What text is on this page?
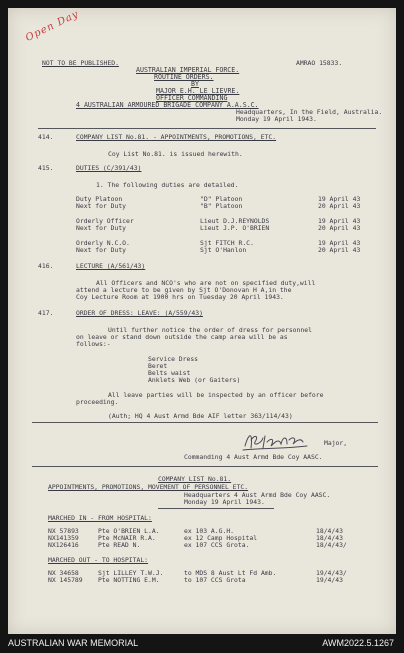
Open Day
NOT TO BE PUBLISHED.	AMRAO 15833.
AUSTRALIAN IMPERIAL FORCE.
ROUTINE ORDERS.
BY
MAJOR E.H. LE LIEVRE.
OFFICER COMMANDING
4 AUSTRALIAN ARMOURED BRIGADE COMPANY A.A.S.C.
Headquarters, In the Field, Australia.
Monday 19 April 1943.
414.	COMPANY LIST No.81. - APPOINTMENTS, PROMOTIONS, ETC.
Coy List No.81. is issued herewith.
415.	DUTIES (C/391/43)
1. The following duties are detailed.
Duty Platoon	"D" Platoon	19 April 43
Next for Duty	"B" Platoon	20 April 43
Orderly Officer	Lieut D.J.REYNOLDS	19 April 43
Next for Duty	Lieut J.P. O'BRIEN	20 April 43
Orderly N.C.O.	Sjt FITCH R.C.	19 April 43
Next for Duty	Sjt O'Hanlon	20 April 43
416.	LECTURE (A/561/43)
All Officers and NCO's who are not on specified duty,will
attend a lecture to be given by Sjt O'Donovan H A,in the
Coy Lecture Room at 1900 hrs on Tuesday 20 April 1943.
417.	ORDER OF DRESS: LEAVE: (A/559/43)
Until further notice the order of dress for personnel
on leave or stand down outside the camp area will be as
follows:-
Service Dress
Beret
Belts waist
Anklets Web (or Gaiters)
All leave parties will be inspected by an officer before
proceeding.
(Auth; HQ 4 Aust Armd Bde AIF letter 363/114/43)
Major,
Commanding 4 Aust Armd Bde Coy AASC.
COMPANY LIST No.81.
APPOINTMENTS, PROMOTIONS, MOVEMENT OF PERSONNEL ETC.
Headquarters 4 Aust Armd Bde Coy AASC.
Monday 19 April 1943.
MARCHED IN - FROM HOSPITAL:
NX 57893	Pte O'BRIEN L.A.	ex 103 A.G.H.	18/4/43
NX141359	Pte McNAIR R.A.	ex 12 Camp Hospital	18/4/43
NX126416	Pte READ N.	ex 107 CCS Grota.	18/4/43/
MARCHED OUT - TO HOSPITAL:
NX 34658	Sjt LILLEY T.W.J.	to MDS 8 Aust Lt Fd Amb.	19/4/43/
NX 145789 Pte NOTTING E.M.	to 107 CCS Grota	19/4/43
AUSTRALIAN WAR MEMORIAL	AWM2022.5.1267
